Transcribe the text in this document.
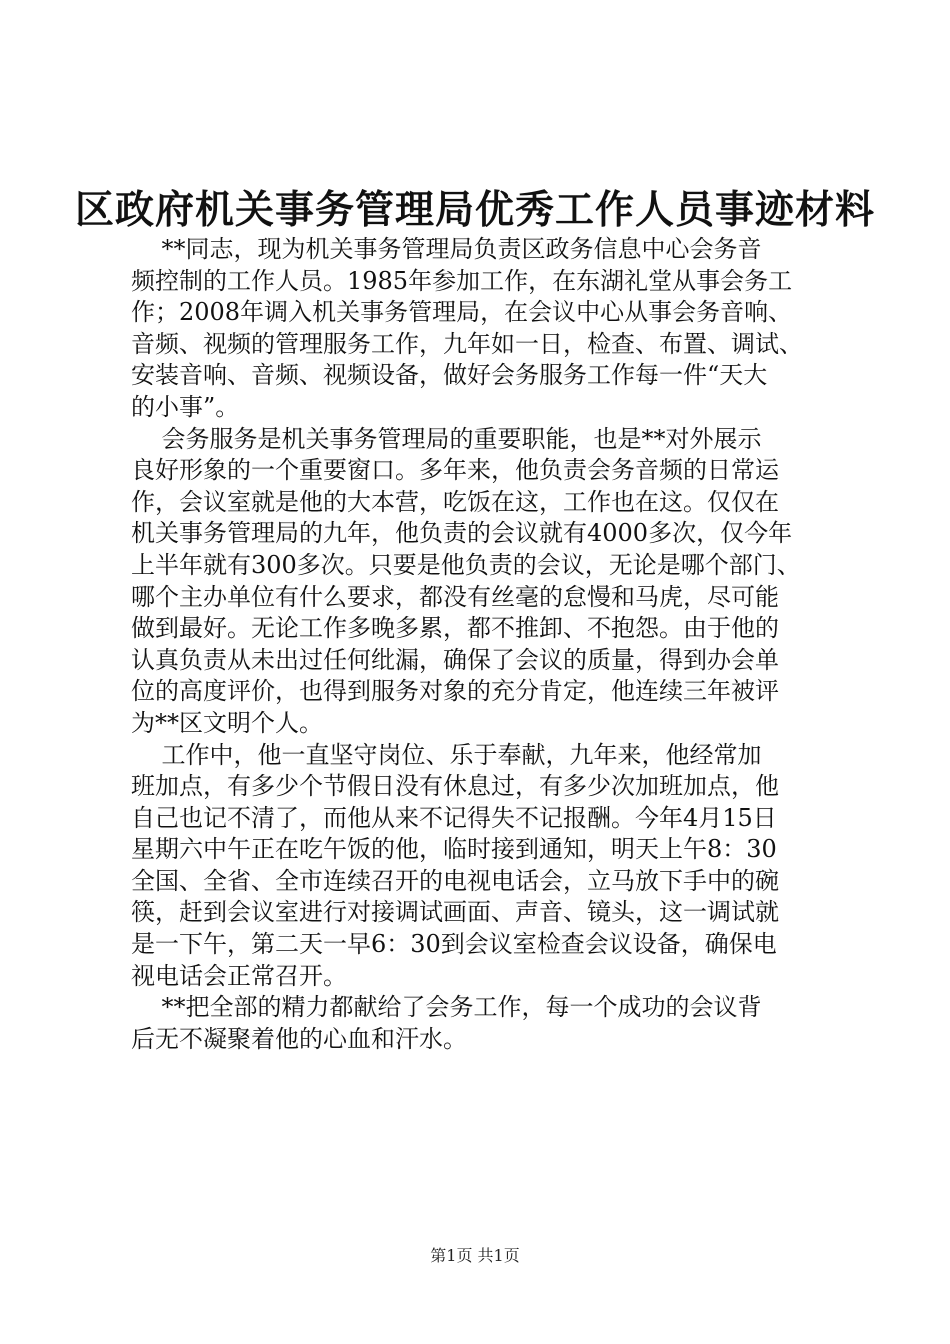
区政府机关事务管理局优秀工作人员事迹材料
**同志，现为机关事务管理局负责区政务信息中心会务音
频控制的工作人员。1985年参加工作，在东湖礼堂从事会务工
作；2008年调入机关事务管理局，在会议中心从事会务音响、
音频、视频的管理服务工作，九年如一日，检查、布置、调试、
安装音响、音频、视频设备，做好会务服务工作每一件“天大
的小事”。
会务服务是机关事务管理局的重要职能，也是**对外展示
良好形象的一个重要窗口。多年来，他负责会务音频的日常运
作，会议室就是他的大本营，吃饭在这，工作也在这。仅仅在
机关事务管理局的九年，他负责的会议就有4000多次，仅今年
上半年就有300多次。只要是他负责的会议，无论是哪个部门、
哪个主办单位有什么要求，都没有丝毫的怠慢和马虎，尽可能
做到最好。无论工作多晚多累，都不推卸、不抱怨。由于他的
认真负责从未出过任何纰漏，确保了会议的质量，得到办会单
位的高度评价，也得到服务对象的充分肯定，他连续三年被评
为**区文明个人。
工作中，他一直坚守岗位、乐于奉献，九年来，他经常加
班加点，有多少个节假日没有休息过，有多少次加班加点，他
自己也记不清了，而他从来不记得失不记报酬。今年4月15日
星期六中午正在吃午饭的他，临时接到通知，明天上午8：30
全国、全省、全市连续召开的电视电话会，立马放下手中的碗
筷，赶到会议室进行对接调试画面、声音、镜头，这一调试就
是一下午，第二天一早6：30到会议室检查会议设备，确保电
视电话会正常召开。
**把全部的精力都献给了会务工作，每一个成功的会议背
后无不凝聚着他的心血和汗水。
第1页 共1页
